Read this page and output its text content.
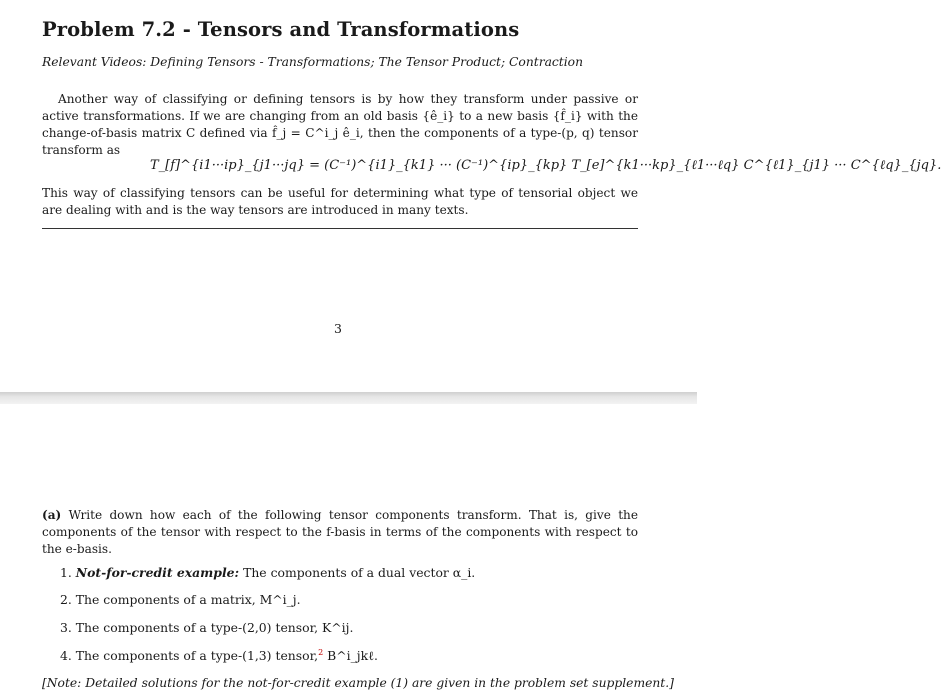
Problem 7.2 - Tensors and Transformations
Relevant Videos: Defining Tensors - Transformations; The Tensor Product; Contraction
Another way of classifying or defining tensors is by how they transform under passive or active transformations. If we are changing from an old basis {ê_i} to a new basis {f̂_i} with the change-of-basis matrix C defined via f̂_j = C^i_j ê_i, then the components of a type-(p, q) tensor transform as
T_[f]^{i1···ip}_{j1···jq} = (C⁻¹)^{i1}_{k1} ··· (C⁻¹)^{ip}_{kp} T_[e]^{k1···kp}_{ℓ1···ℓq} C^{ℓ1}_{j1} ··· C^{ℓq}_{jq}.
This way of classifying tensors can be useful for determining what type of tensorial object we are dealing with and is the way tensors are introduced in many texts.
3
(a) Write down how each of the following tensor components transform. That is, give the components of the tensor with respect to the f-basis in terms of the components with respect to the e-basis.
1. Not-for-credit example: The components of a dual vector α_i.
2. The components of a matrix, M^i_j.
3. The components of a type-(2,0) tensor, K^ij.
4. The components of a type-(1,3) tensor,$^2$ B^i_jkℓ.
[Note: Detailed solutions for the not-for-credit example (1) are given in the problem set supplement.]
